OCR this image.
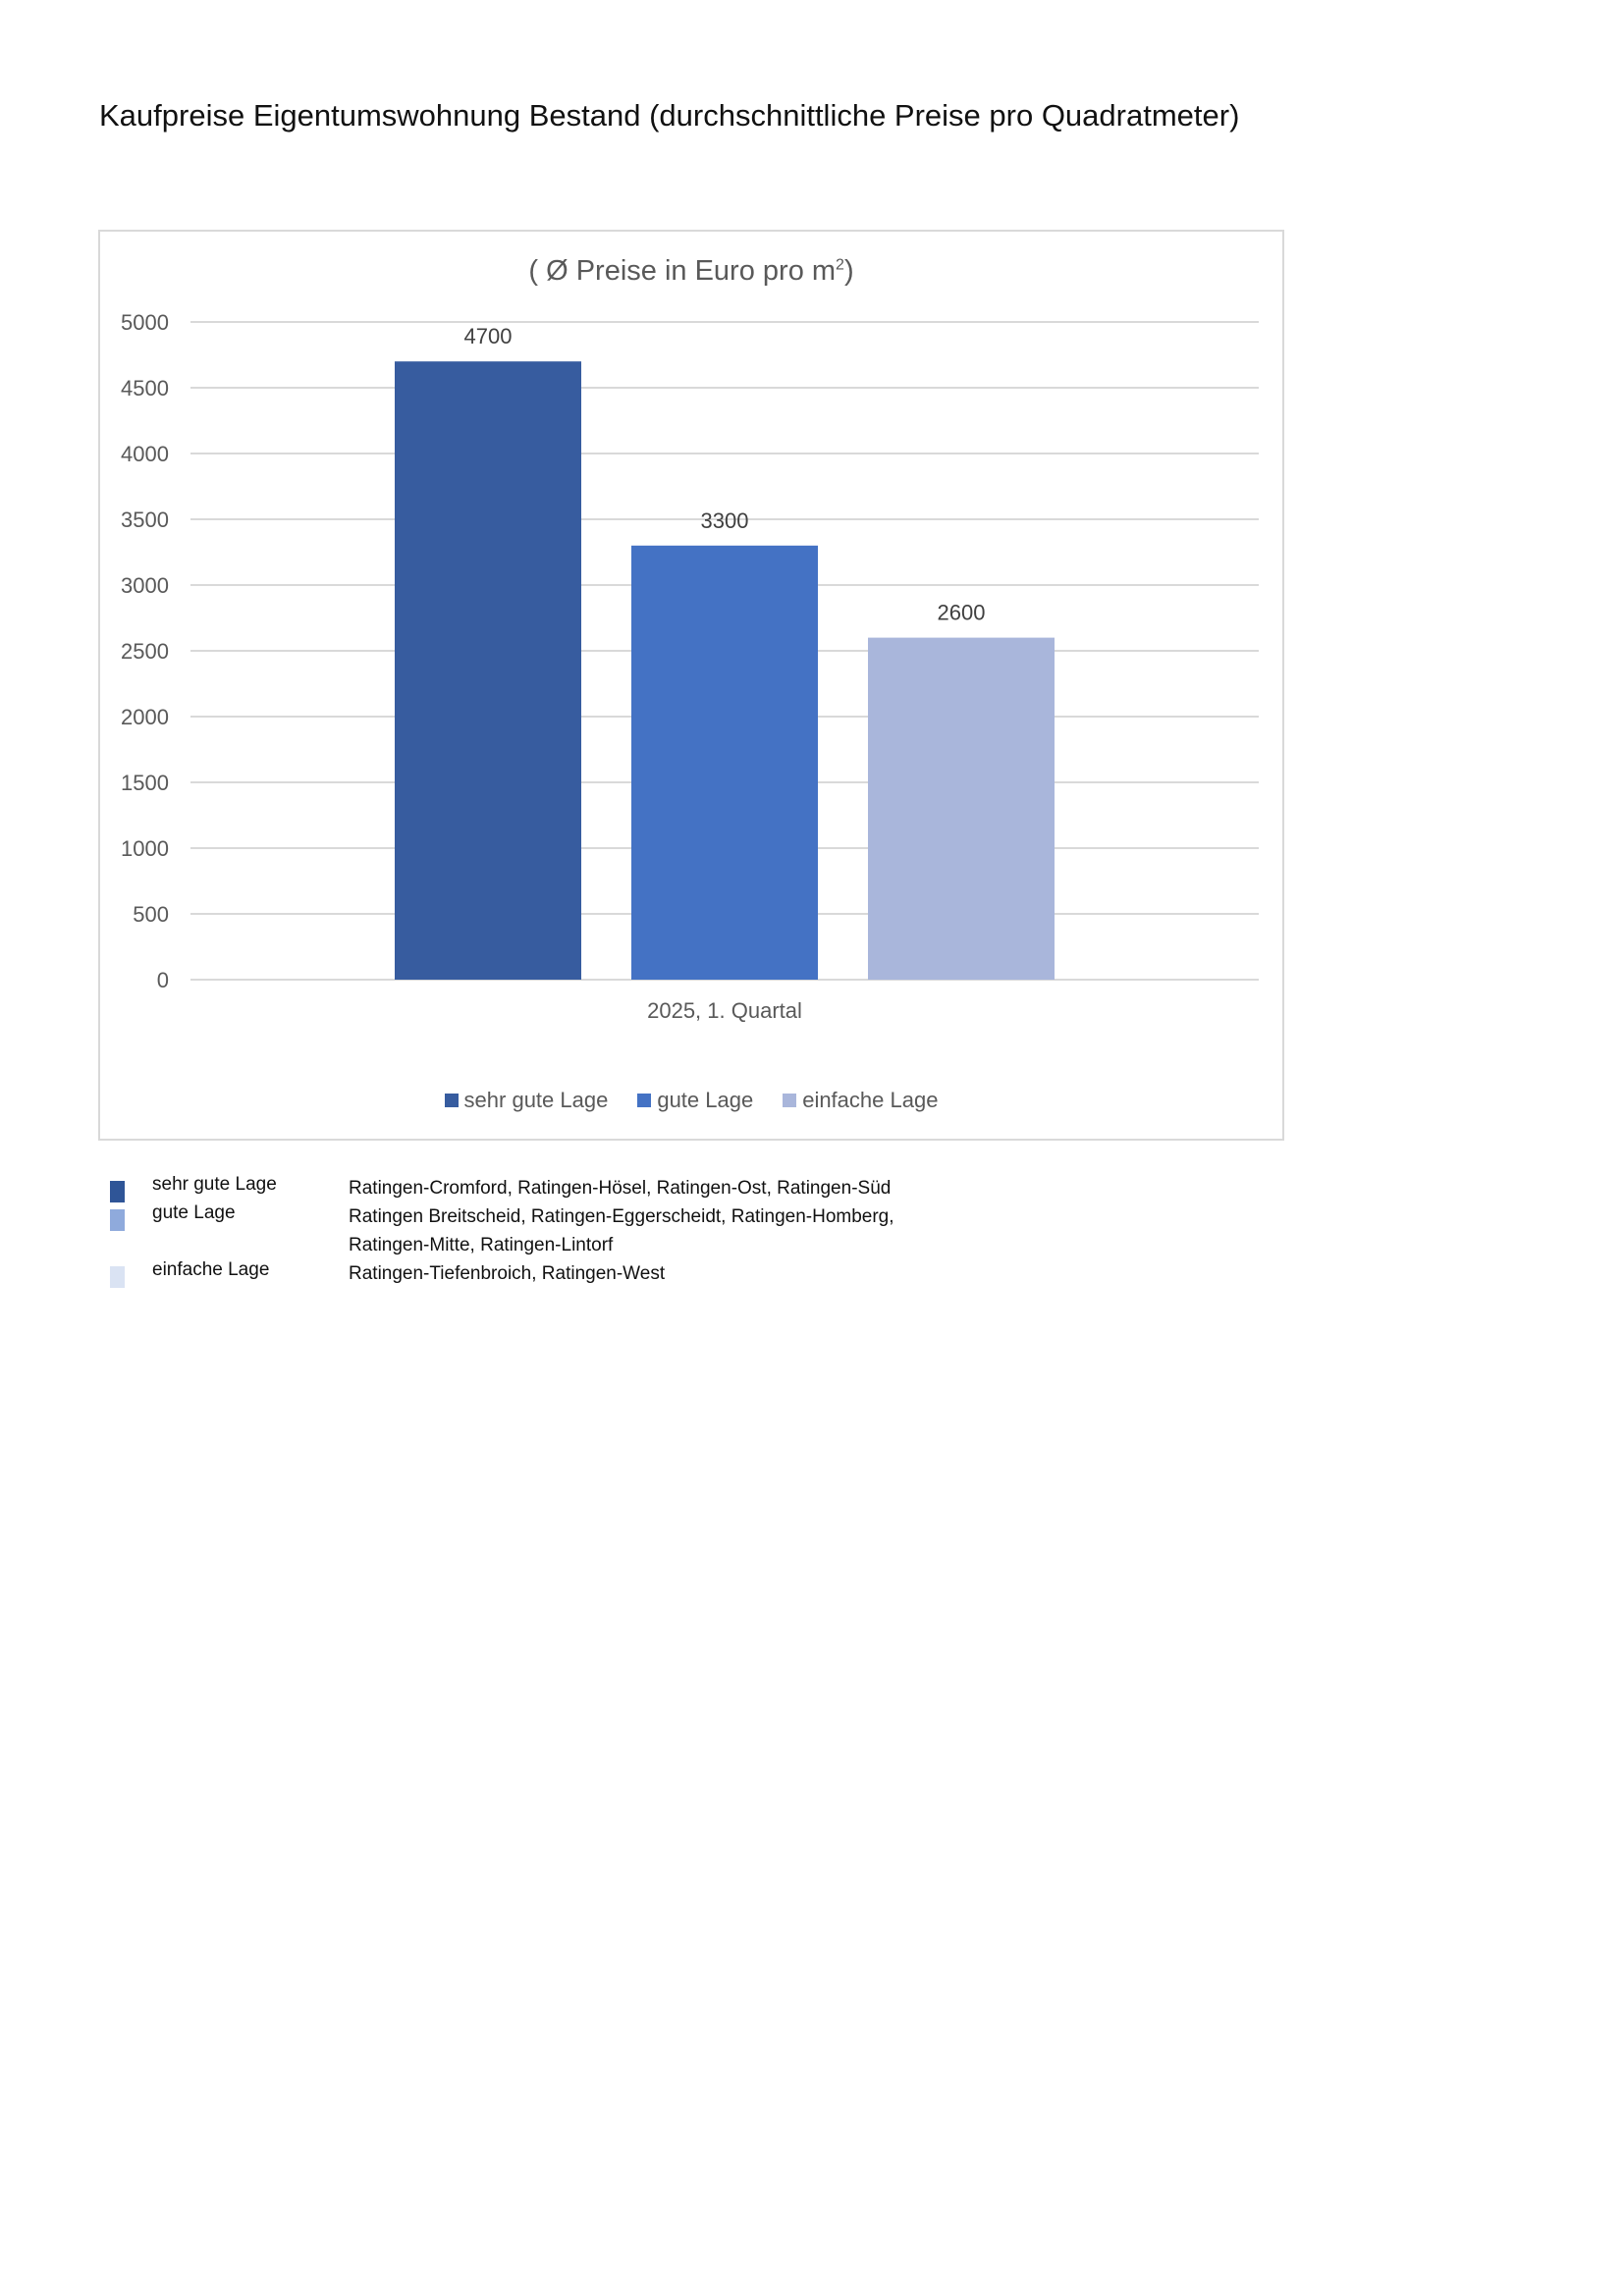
Kaufpreise Eigentumswohnung Bestand (durchschnittliche Preise pro Quadratmeter)
( Ø Preise in Euro pro $m^2$)
0
500
1000
1500
2000
2500
3000
3500
4000
4500
5000
4700
3300
2600
2025, 1. Quartal
sehr gute Lage gute Lage einfache Lage
sehr gute Lage	Ratingen-Cromford, Ratingen-Hösel, Ratingen-Ost, Ratingen-Süd
gute Lage	Ratingen Breitscheid, Ratingen-Eggerscheidt, Ratingen-Homberg,
Ratingen-Mitte, Ratingen-Lintorf
einfache Lage	Ratingen-Tiefenbroich, Ratingen-West
